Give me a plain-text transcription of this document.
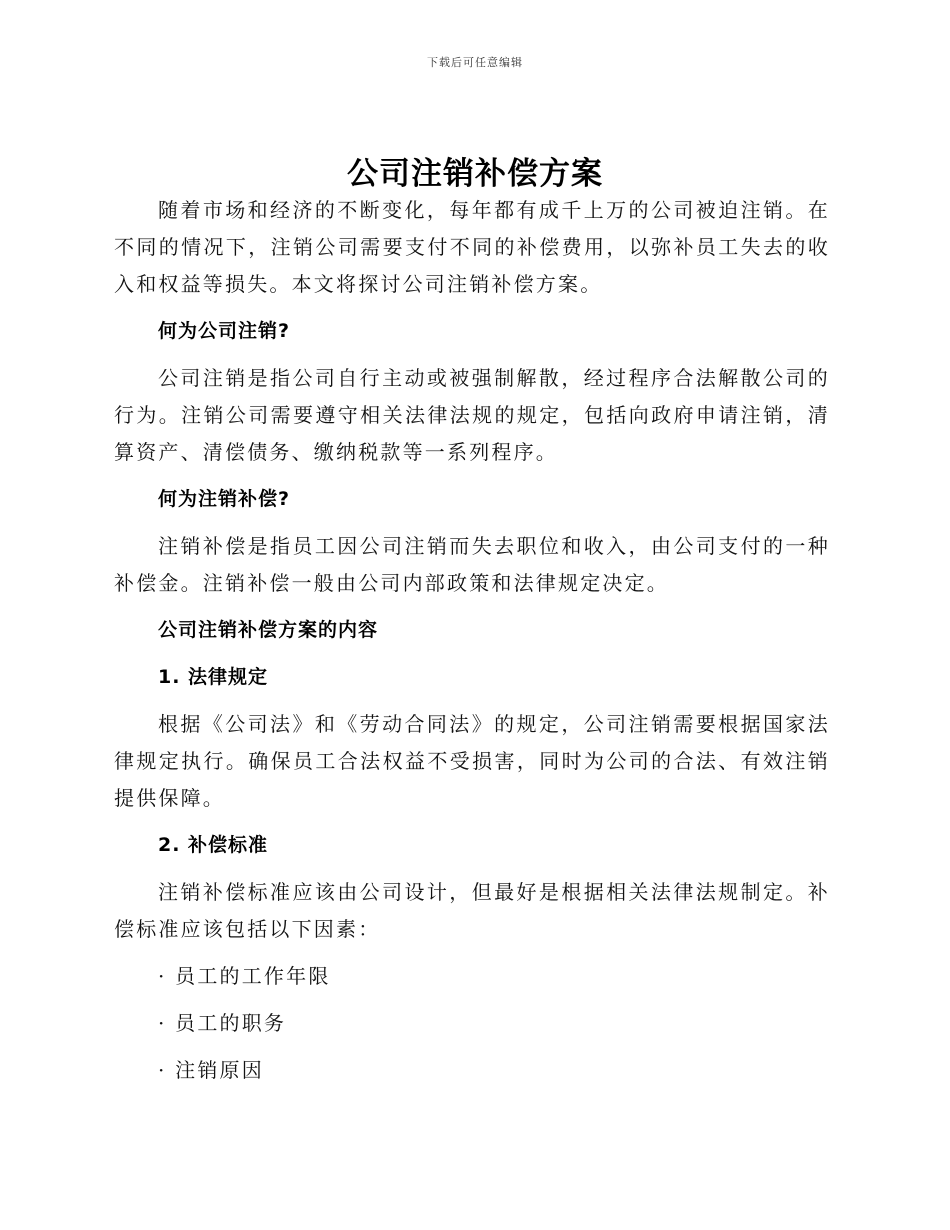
下载后可任意编辑
公司注销补偿方案

随着市场和经济的不断变化，每年都有成千上万的公司被迫注销。在不同的情况下，注销公司需要支付不同的补偿费用，以弥补员工失去的收入和权益等损失。本文将探讨公司注销补偿方案。

何为公司注销?

公司注销是指公司自行主动或被强制解散，经过程序合法解散公司的行为。注销公司需要遵守相关法律法规的规定，包括向政府申请注销，清算资产、清偿债务、缴纳税款等一系列程序。

何为注销补偿?

注销补偿是指员工因公司注销而失去职位和收入，由公司支付的一种补偿金。注销补偿一般由公司内部政策和法律规定决定。

公司注销补偿方案的内容
1. 法律规定

根据《公司法》和《劳动合同法》的规定，公司注销需要根据国家法律规定执行。确保员工合法权益不受损害，同时为公司的合法、有效注销提供保障。

2. 补偿标准

注销补偿标准应该由公司设计，但最好是根据相关法律法规制定。补偿标准应该包括以下因素：

· 员工的工作年限
· 员工的职务
· 注销原因
